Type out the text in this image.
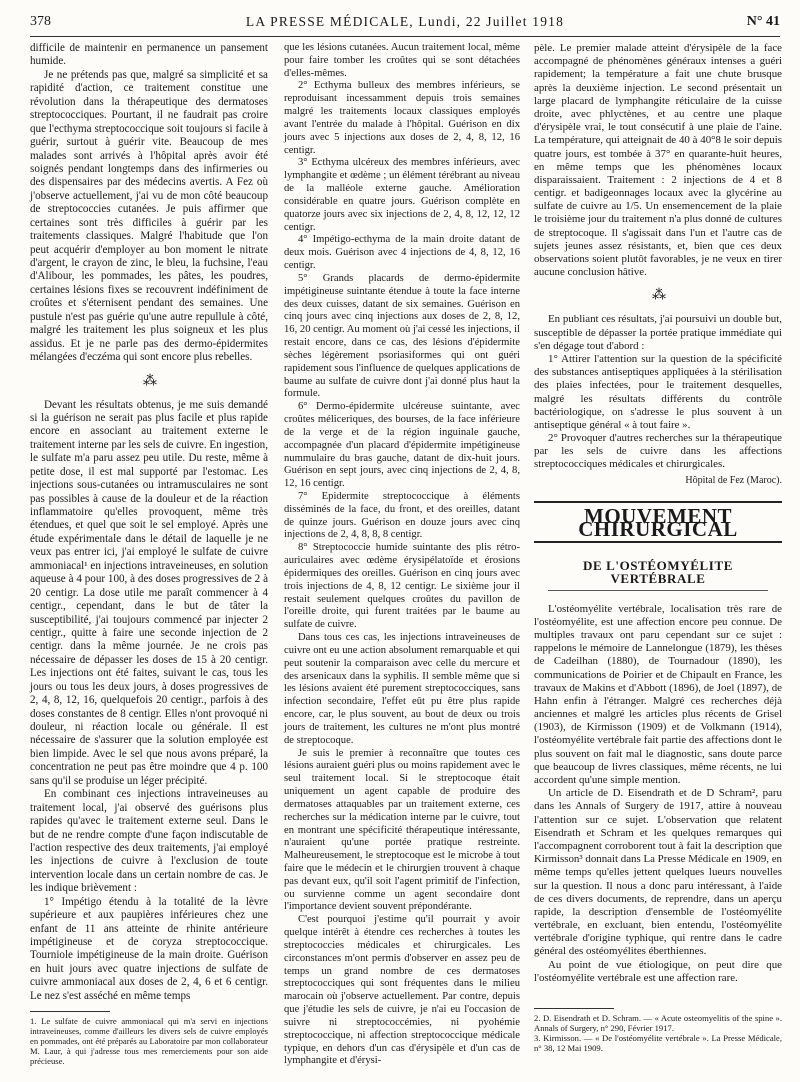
378	LA PRESSE MÉDICALE, Lundi, 22 Juillet 1918	N° 41

difficile de maintenir en permanence un pansement humide.

Je ne prétends pas que, malgré sa simplicité et sa rapidité d'action, ce traitement constitue une révolution dans la thérapeutique des dermatoses streptococciques. Pourtant, il ne faudrait pas croire que l'ecthyma streptococcique soit toujours si facile à guérir, surtout à guérir vite. Beaucoup de mes malades sont arrivés à l'hôpital après avoir été soignés pendant longtemps dans des infirmeries ou des dispensaires par des médecins avertis. A Fez où j'observe actuellement, j'ai vu de mon côté beaucoup de streptococcies cutanées. Je puis affirmer que certaines sont très difficiles à guérir par les traitements classiques. Malgré l'habitude que l'on peut acquérir d'employer au bon moment le nitrate d'argent, le crayon de zinc, le bleu, la fuchsine, l'eau d'Alibour, les pommades, les pâtes, les poudres, certaines lésions fixes se recouvrent indéfiniment de croûtes et s'éternisent pendant des semaines. Une pustule n'est pas guérie qu'une autre repullule à côté, malgré les traitement les plus soigneux et les plus assidus. Et je ne parle pas des dermo-épidermites mélangées d'eczéma qui sont encore plus rebelles.

⁂

Devant les résultats obtenus, je me suis demandé si la guérison ne serait pas plus facile et plus rapide encore en associant au traitement externe le traitement interne par les sels de cuivre. En ingestion, le sulfate m'a paru assez peu utile. Du reste, même à petite dose, il est mal supporté par l'estomac. Les injections sous-cutanées ou intramusculaires ne sont pas possibles à cause de la douleur et de la réaction inflammatoire qu'elles provoquent, même très étendues, et quel que soit le sel employé. Après une étude expérimentale dans le détail de laquelle je ne veux pas entrer ici, j'ai employé le sulfate de cuivre ammoniacal¹ en injections intraveineuses, en solution aqueuse à 4 pour 100, à des doses progressives de 2 à 20 centigr. La dose utile me paraît commencer à 4 centigr., cependant, dans le but de tâter la susceptibilité, j'ai toujours commencé par injecter 2 centigr., quitte à faire une seconde injection de 2 centigr. dans la même journée. Je ne crois pas nécessaire de dépasser les doses de 15 à 20 centigr. Les injections ont été faites, suivant le cas, tous les jours ou tous les deux jours, à doses progressives de 2, 4, 8, 12, 16, quelquefois 20 centigr., parfois à des doses constantes de 8 centigr. Elles n'ont provoqué ni douleur, ni réaction locale ou générale. Il est nécessaire de s'assurer que la solution employée est bien limpide. Avec le sel que nous avons préparé, la concentration ne peut pas être moindre que 4 p. 100 sans qu'il se produise un léger précipité.

En combinant ces injections intraveineuses au traitement local, j'ai observé des guérisons plus rapides qu'avec le traitement externe seul. Dans le but de ne rendre compte d'une façon indiscutable de l'action respective des deux traitements, j'ai employé les injections de cuivre à l'exclusion de toute intervention locale dans un certain nombre de cas. Je les indique brièvement :

1° Impétigo étendu à la totalité de la lèvre supérieure et aux paupières inférieures chez une enfant de 11 ans atteinte de rhinite antérieure impétigineuse et de coryza streptococcique. Tourniole impétigineuse de la main droite. Guérison en huit jours avec quatre injections de sulfate de cuivre ammoniacal aux doses de 2, 4, 6 et 6 centigr. Le nez s'est asséché en même temps

1. Le sulfate de cuivre ammoniacal qui m'a servi en injections intraveineuses, comme d'ailleurs les divers sels de cuivre employés en pommades, ont été préparés au Laboratoire par mon collaborateur M. Laur, à qui j'adresse tous mes remerciements pour son aide précieuse.

que les lésions cutanées. Aucun traitement local, même pour faire tomber les croûtes qui se sont détachées d'elles-mêmes.

2° Ecthyma bulleux des membres inférieurs, se reproduisant incessamment depuis trois semaines malgré les traitements locaux classiques employés avant l'entrée du malade à l'hôpital. Guérison en dix jours avec 5 injections aux doses de 2, 4, 8, 12, 16 centigr.

3° Ecthyma ulcéreux des membres inférieurs, avec lymphangite et œdème ; un élément térébrant au niveau de la malléole externe gauche. Amélioration considérable en quatre jours. Guérison complète en quatorze jours avec six injections de 2, 4, 8, 12, 12, 12 centigr.

4° Impétigo-ecthyma de la main droite datant de deux mois. Guérison avec 4 injections de 4, 8, 12, 16 centigr.

5° Grands placards de dermo-épidermite impétigineuse suintante étendue à toute la face interne des deux cuisses, datant de six semaines. Guérison en cinq jours avec cinq injections aux doses de 2, 8, 12, 16, 20 centigr. Au moment où j'ai cessé les injections, il restait encore, dans ce cas, des lésions d'épidermite sèches légèrement psoriasiformes qui ont guéri rapidement sous l'influence de quelques applications de baume au sulfate de cuivre dont j'ai donné plus haut la formule.

6° Dermo-épidermite ulcéreuse suintante, avec croûtes méliceriques, des bourses, de la face inférieure de la verge et de la région inguinale gauche, accompagnée d'un placard d'épidermite impétigineuse nummulaire du bras gauche, datant de dix-huit jours. Guérison en sept jours, avec cinq injections de 2, 4, 8, 12, 16 centigr.

7° Epidermite streptococcique à éléments disséminés de la face, du front, et des oreilles, datant de quinze jours. Guérison en douze jours avec cinq injections de 2, 4, 8, 8, 8 centigr.

8° Streptococcie humide suintante des plis rétro-auriculaires avec œdème érysipélatoïde et érosions épidermiques des oreilles. Guérison en cinq jours avec trois injections de 4, 8, 12 centigr. Le sixième jour il restait seulement quelques croûtes du pavillon de l'oreille droite, qui furent traitées par le baume au sulfate de cuivre.

Dans tous ces cas, les injections intraveineuses de cuivre ont eu une action absolument remarquable et qui peut soutenir la comparaison avec celle du mercure et des arsenicaux dans la syphilis. Il semble même que si les lésions avaient été purement streptococciques, sans infection secondaire, l'effet eût pu être plus rapide encore, car, le plus souvent, au bout de deux ou trois jours de traitement, les cultures ne m'ont plus montré de streptocoque.

Je suis le premier à reconnaître que toutes ces lésions auraient guéri plus ou moins rapidement avec le seul traitement local. Si le streptocoque était uniquement un agent capable de produire des dermatoses attaquables par un traitement externe, ces recherches sur la médication interne par le cuivre, tout en montrant une spécificité thérapeutique intéressante, n'auraient qu'une portée pratique restreinte. Malheureusement, le streptocoque est le microbe à tout faire que le médecin et le chirurgien trouvent à chaque pas devant eux, qu'il soit l'agent primitif de l'infection, ou survienne comme un agent secondaire dont l'importance devient souvent prépondérante.

C'est pourquoi j'estime qu'il pourrait y avoir quelque intérêt à étendre ces recherches à toutes les streptococcies médicales et chirurgicales. Les circonstances m'ont permis d'observer en assez peu de temps un grand nombre de ces dermatoses streptococciques qui sont fréquentes dans le milieu marocain où j'observe actuellement. Par contre, depuis que j'étudie les sels de cuivre, je n'ai eu l'occasion de suivre ni streptococcémies, ni pyohémie streptococcique, ni affection streptococcique médicale typique, en dehors d'un cas d'érysipèle et d'un cas de lymphangite et d'érysi-

pèle. Le premier malade atteint d'érysipèle de la face accompagné de phénomènes généraux intenses a guéri rapidement; la température a fait une chute brusque après la deuxième injection. Le second présentait un large placard de lymphangite réticulaire de la cuisse droite, avec phlyctènes, et au centre une plaque d'érysipèle vrai, le tout consécutif à une plaie de l'aine. La température, qui atteignait de 40 à 40°8 le soir depuis quatre jours, est tombée à 37° en quarante-huit heures, en même temps que les phénomènes locaux disparaissaient. Traitement : 2 injections de 4 et 8 centigr. et badigeonnages locaux avec la glycérine au sulfate de cuivre au 1/5. Un ensemencement de la plaie le troisième jour du traitement n'a plus donné de cultures de streptocoque. Il s'agissait dans l'un et l'autre cas de sujets jeunes assez résistants, et, bien que ces deux observations soient plutôt favorables, je ne veux en tirer aucune conclusion hâtive.

⁂

En publiant ces résultats, j'ai poursuivi un double but, susceptible de dépasser la portée pratique immédiate qui s'en dégage tout d'abord :

1° Attirer l'attention sur la question de la spécificité des substances antiseptiques appliquées à la stérilisation des plaies infectées, pour le traitement desquelles, malgré les résultats différents du contrôle bactériologique, on s'adresse le plus souvent à un antiseptique général « à tout faire ».

2° Provoquer d'autres recherches sur la thérapeutique par les sels de cuivre dans les affections streptococciques médicales et chirurgicales.

Hôpital de Fez (Maroc).
MOUVEMENT CHIRURGICAL
DE L'OSTÉOMYÉLITE VERTÉBRALE

L'ostéomyélite vertébrale, localisation très rare de l'ostéomyélite, est une affection encore peu connue. De multiples travaux ont paru cependant sur ce sujet : rappelons le mémoire de Lannelongue (1879), les thèses de Cadeilhan (1880), de Tournadour (1890), les communications de Poirier et de Chipault en France, les travaux de Makins et d'Abbott (1896), de Joel (1897), de Hahn enfin à l'étranger. Malgré ces recherches déjà anciennes et malgré les articles plus récents de Grisel (1903), de Kirmisson (1909) et de Volkmann (1914), l'ostéomyélite vertébrale fait partie des affections dont le plus souvent on fait mal le diagnostic, sans doute parce que beaucoup de livres classiques, même récents, ne lui accordent qu'une simple mention.

Un article de D. Eisendrath et de D Schram², paru dans les Annals of Surgery de 1917, attire à nouveau l'attention sur ce sujet. L'observation que relatent Eisendrath et Schram et les quelques remarques qui l'accompagnent corroborent tout à fait la description que Kirmisson³ donnait dans La Presse Médicale en 1909, en même temps qu'elles jettent quelques lueurs nouvelles sur la question. Il nous a donc paru intéressant, à l'aide de ces divers documents, de reprendre, dans un aperçu rapide, la description d'ensemble de l'ostéomyélite vertébrale, en excluant, bien entendu, l'ostéomyélite vertébrale d'origine typhique, qui rentre dans le cadre général des ostéomyélites éberthiennes.

Au point de vue étiologique, on peut dire que l'ostéomyélite vertébrale est une affection rare.

2. D. Eisendrath et D. Schram. — « Acute osteomyelitis of the spine ». Annals of Surgery, n° 290, Février 1917.

3. Kirmisson. — « De l'ostéomyélite vertébrale ». La Presse Médicale, n° 38, 12 Mai 1909.
